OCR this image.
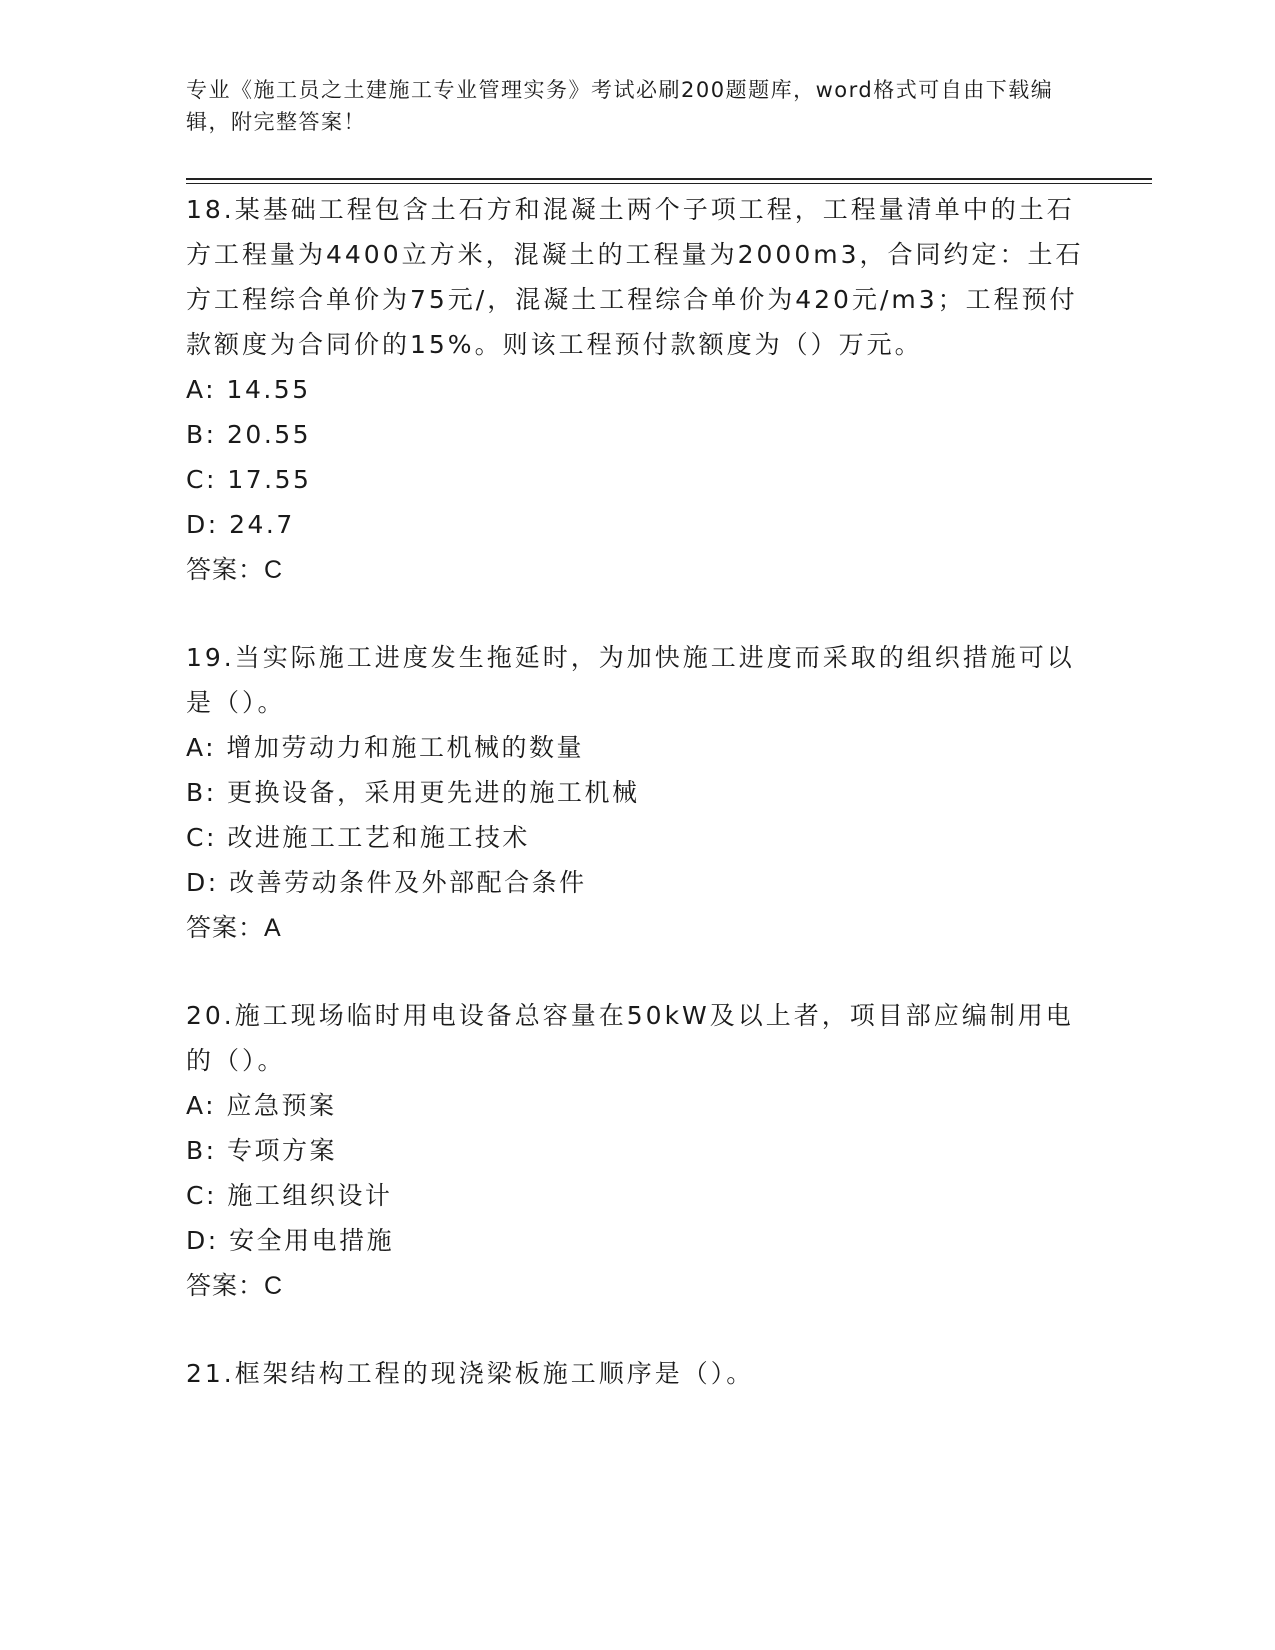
专业《施工员之土建施工专业管理实务》考试必刷200题题库，word格式可自由下载编辑，附完整答案！

18.某基础工程包含土石方和混凝土两个子项工程，工程量清单中的土石方工程量为4400立方米，混凝土的工程量为2000m3，合同约定：土石方工程综合单价为75元/，混凝土工程综合单价为420元/m3；工程预付款额度为合同价的15%。则该工程预付款额度为（）万元。

A: 14.55

B: 20.55

C: 17.55

D: 24.7

答案：C

19.当实际施工进度发生拖延时，为加快施工进度而采取的组织措施可以是（）。

A: 增加劳动力和施工机械的数量

B: 更换设备，采用更先进的施工机械

C: 改进施工工艺和施工技术

D: 改善劳动条件及外部配合条件

答案：A

20.施工现场临时用电设备总容量在50kW及以上者，项目部应编制用电的（）。

A: 应急预案

B: 专项方案

C: 施工组织设计

D: 安全用电措施

答案：C

21.框架结构工程的现浇梁板施工顺序是（）。
